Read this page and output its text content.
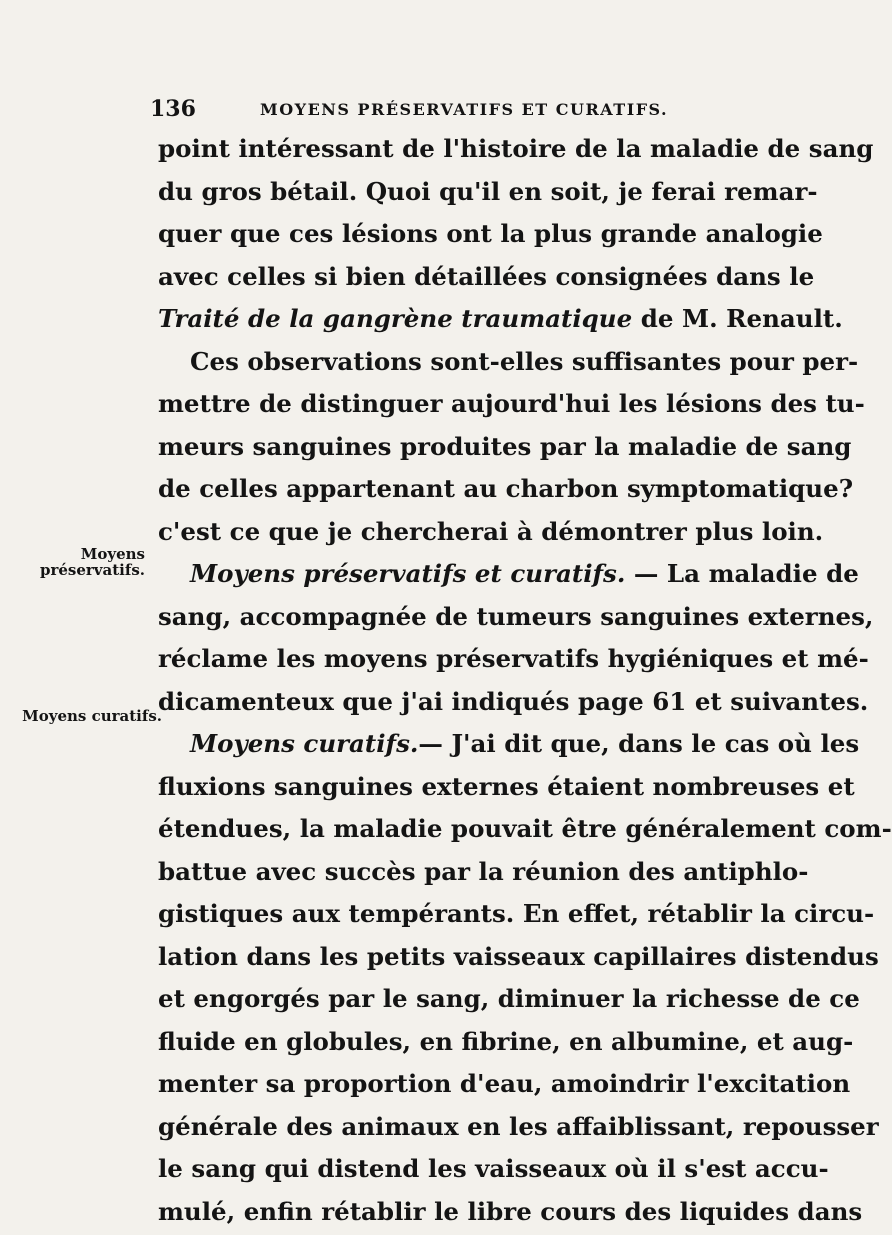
136	MOYENS PRÉSERVATIFS ET CURATIFS.
Moyens
préservatifs.
Moyens curatifs.
point intéressant de l'histoire de la maladie de sang
du gros bétail. Quoi qu'il en soit, je ferai remar-
quer que ces lésions ont la plus grande analogie
avec celles si bien détaillées consignées dans le
Traité de la gangrène traumatique de M. Renault.
Ces observations sont-elles suffisantes pour per-
mettre de distinguer aujourd'hui les lésions des tu-
meurs sanguines produites par la maladie de sang
de celles appartenant au charbon symptomatique?
c'est ce que je chercherai à démontrer plus loin.
Moyens préservatifs et curatifs. — La maladie de
sang, accompagnée de tumeurs sanguines externes,
réclame les moyens préservatifs hygiéniques et mé-
dicamenteux que j'ai indiqués page 61 et suivantes.
Moyens curatifs.— J'ai dit que, dans le cas où les
fluxions sanguines externes étaient nombreuses et
étendues, la maladie pouvait être généralement com-
battue avec succès par la réunion des antiphlo-
gistiques aux tempérants. En effet, rétablir la circu-
lation dans les petits vaisseaux capillaires distendus
et engorgés par le sang, diminuer la richesse de ce
fluide en globules, en fibrine, en albumine, et aug-
menter sa proportion d'eau, amoindrir l'excitation
générale des animaux en les affaiblissant, repousser
le sang qui distend les vaisseaux où il s'est accu-
mulé, enfin rétablir le libre cours des liquides dans
